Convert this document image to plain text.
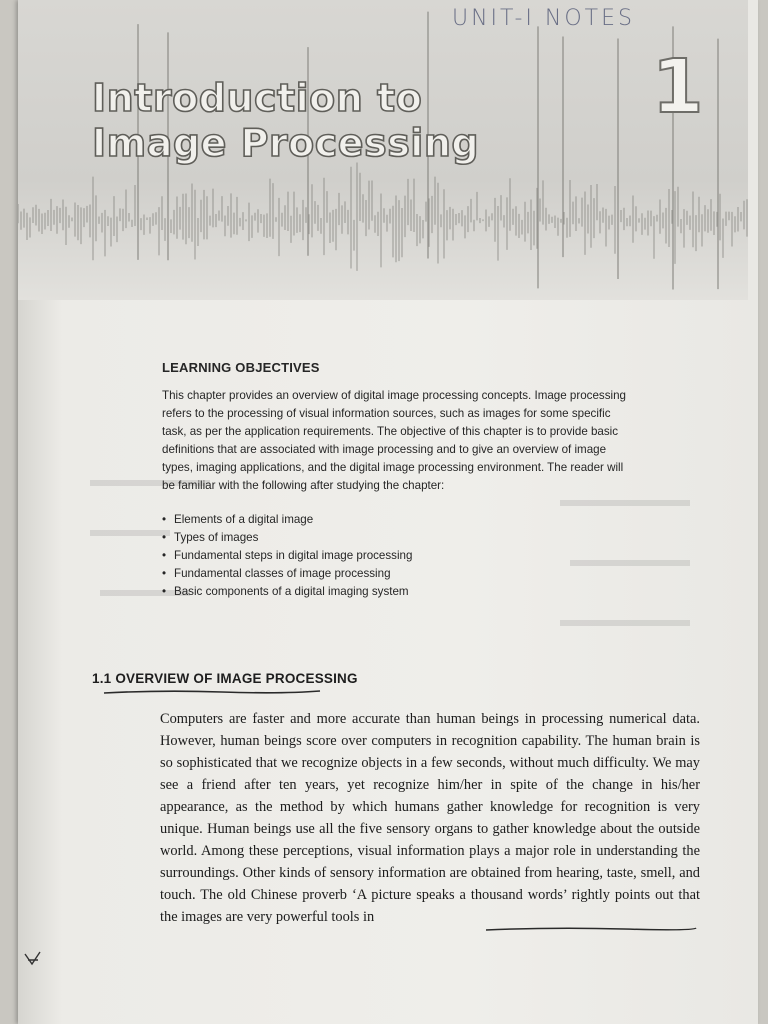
UNIT-I NOTES
1
Introduction to
Image Processing
LEARNING OBJECTIVES

This chapter provides an overview of digital image processing concepts. Image processing refers to the processing of visual information sources, such as images for some specific task, as per the application requirements. The objective of this chapter is to provide basic definitions that are associated with image processing and to give an overview of image types, imaging applications, and the digital image processing environment. The reader will be familiar with the following after studying the chapter:

• Elements of a digital image
• Types of images
• Fundamental steps in digital image processing
• Fundamental classes of image processing
• Basic components of a digital imaging system
1.1 OVERVIEW OF IMAGE PROCESSING

Computers are faster and more accurate than human beings in processing numerical data. However, human beings score over computers in recognition capability. The human brain is so sophisticated that we recognize objects in a few seconds, without much difficulty. We may see a friend after ten years, yet recognize him/her in spite of the change in his/her appearance, as the method by which humans gather knowledge for recognition is very unique. Human beings use all the five sensory organs to gather knowledge about the outside world. Among these perceptions, visual information plays a major role in understanding the surroundings. Other kinds of sensory information are obtained from hearing, taste, smell, and touch. The old Chinese proverb ‘A picture speaks a thousand words’ rightly points out that the images are very powerful tools in
